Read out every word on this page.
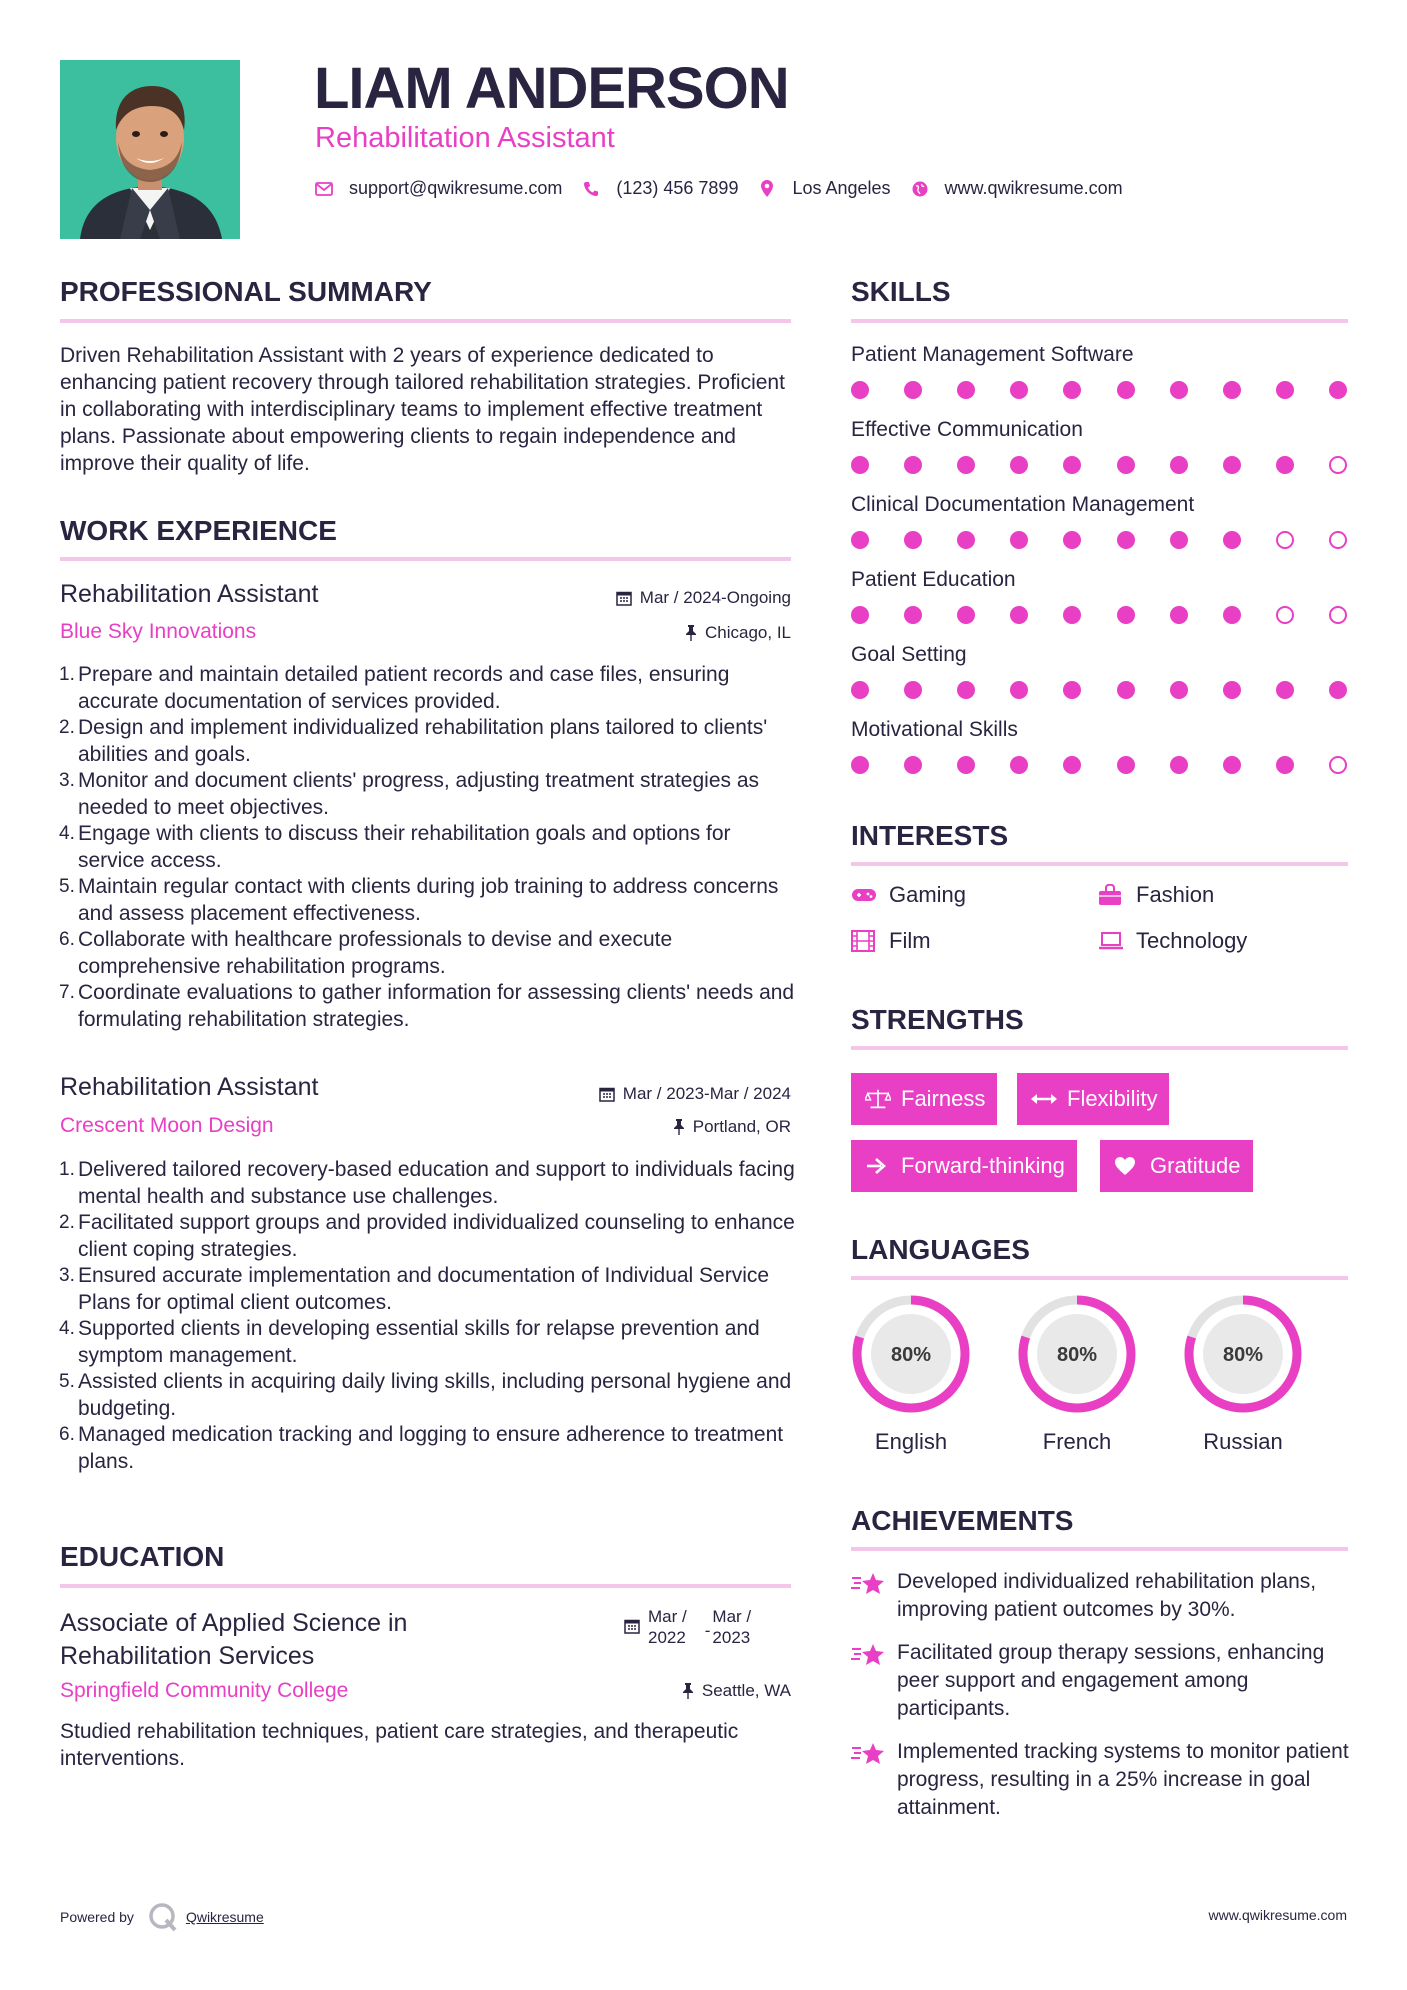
LIAM ANDERSON
Rehabilitation Assistant
support@qwikresume.com	(123) 456 7899	Los Angeles	www.qwikresume.com
PROFESSIONAL SUMMARY
Driven Rehabilitation Assistant with 2 years of experience dedicated to enhancing patient recovery through tailored rehabilitation strategies. Proficient in collaborating with interdisciplinary teams to implement effective treatment plans. Passionate about empowering clients to regain independence and improve their quality of life.
WORK EXPERIENCE
Rehabilitation Assistant	Mar / 2024-Ongoing
Blue Sky Innovations	Chicago, IL
Prepare and maintain detailed patient records and case files, ensuring accurate documentation of services provided.
Design and implement individualized rehabilitation plans tailored to clients' abilities and goals.
Monitor and document clients' progress, adjusting treatment strategies as needed to meet objectives.
Engage with clients to discuss their rehabilitation goals and options for service access.
Maintain regular contact with clients during job training to address concerns and assess placement effectiveness.
Collaborate with healthcare professionals to devise and execute comprehensive rehabilitation programs.
Coordinate evaluations to gather information for assessing clients' needs and formulating rehabilitation strategies.
Rehabilitation Assistant	Mar / 2023-Mar / 2024
Crescent Moon Design	Portland, OR
Delivered tailored recovery-based education and support to individuals facing mental health and substance use challenges.
Facilitated support groups and provided individualized counseling to enhance client coping strategies.
Ensured accurate implementation and documentation of Individual Service Plans for optimal client outcomes.
Supported clients in developing essential skills for relapse prevention and symptom management.
Assisted clients in acquiring daily living skills, including personal hygiene and budgeting.
Managed medication tracking and logging to ensure adherence to treatment plans.
EDUCATION
Associate of Applied Science in
Rehabilitation Services
Mar /
2022 -
Mar /
2023
Springfield Community College	Seattle, WA
Studied rehabilitation techniques, patient care strategies, and therapeutic interventions.
SKILLS
Patient Management Software
Effective Communication
Clinical Documentation Management
Patient Education
Goal Setting
Motivational Skills
INTERESTS
Gaming	Fashion
Film	Technology
STRENGTHS
Fairness	Flexibility
Forward-thinking	Gratitude
LANGUAGES
80%
English
80%
French
80%
Russian
ACHIEVEMENTS
Developed individualized rehabilitation plans, improving patient outcomes by 30%.
Facilitated group therapy sessions, enhancing peer support and engagement among participants.
Implemented tracking systems to monitor patient progress, resulting in a 25% increase in goal attainment.
Powered by	Qwikresume	www.qwikresume.com
